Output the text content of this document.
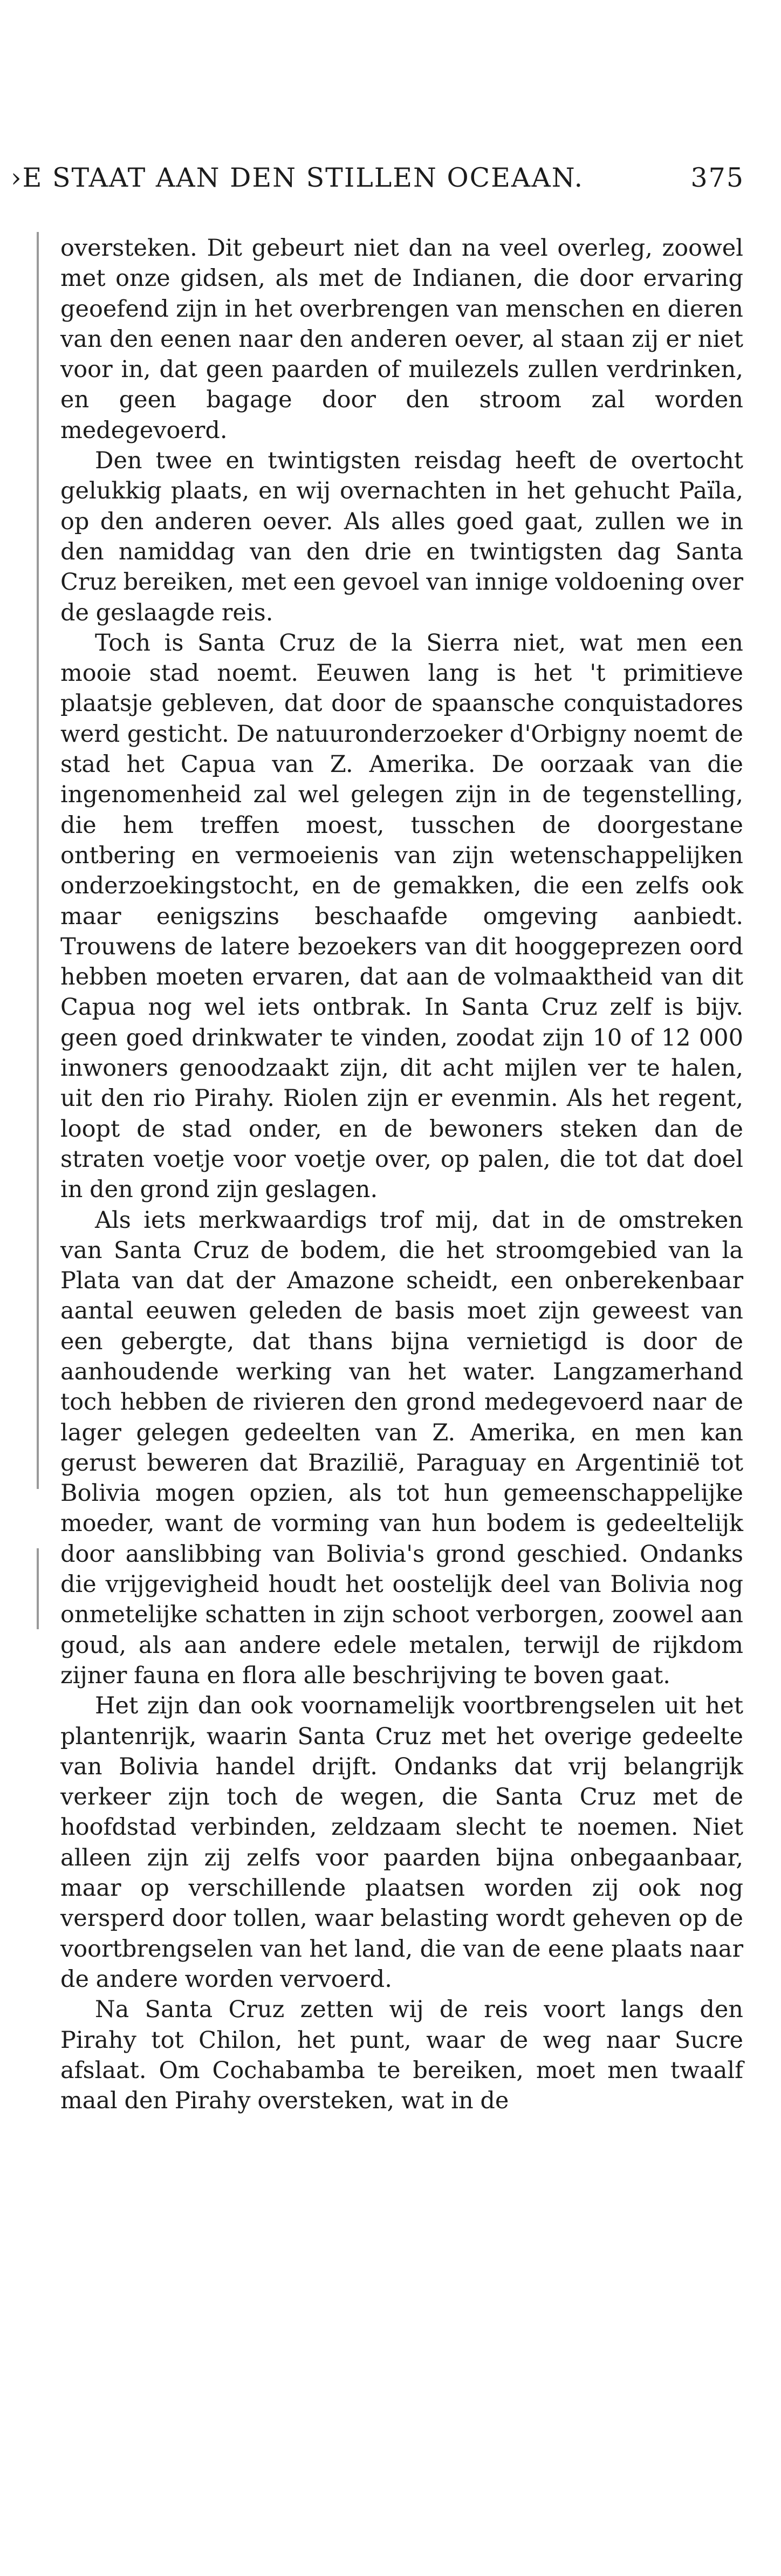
›E STAAT AAN DEN STILLEN OCEAAN.	375

oversteken. Dit gebeurt niet dan na veel overleg, zoowel met onze gidsen, als met de Indianen, die door ervaring geoefend zijn in het overbrengen van menschen en dieren van den eenen naar den anderen oever, al staan zij er niet voor in, dat geen paarden of muilezels zullen verdrinken, en geen bagage door den stroom zal worden medegevoerd.

Den twee en twintigsten reisdag heeft de overtocht gelukkig plaats, en wij overnachten in het gehucht Païla, op den anderen oever. Als alles goed gaat, zullen we in den namiddag van den drie en twintigsten dag Santa Cruz bereiken, met een gevoel van innige voldoening over de geslaagde reis.

Toch is Santa Cruz de la Sierra niet, wat men een mooie stad noemt. Eeuwen lang is het 't primitieve plaatsje gebleven, dat door de spaansche conquistadores werd gesticht. De natuuronderzoeker d'Orbigny noemt de stad het Capua van Z. Amerika. De oorzaak van die ingenomenheid zal wel gelegen zijn in de tegenstelling, die hem treffen moest, tusschen de doorgestane ontbering en vermoeienis van zijn wetenschappelijken onderzoekingstocht, en de gemakken, die een zelfs ook maar eenigszins beschaafde omgeving aanbiedt. Trouwens de latere bezoekers van dit hooggeprezen oord hebben moeten ervaren, dat aan de volmaaktheid van dit Capua nog wel iets ontbrak. In Santa Cruz zelf is bijv. geen goed drinkwater te vinden, zoodat zijn 10 of 12 000 inwoners genoodzaakt zijn, dit acht mijlen ver te halen, uit den rio Pirahy. Riolen zijn er evenmin. Als het regent, loopt de stad onder, en de bewoners steken dan de straten voetje voor voetje over, op palen, die tot dat doel in den grond zijn geslagen.

Als iets merkwaardigs trof mij, dat in de omstreken van Santa Cruz de bodem, die het stroomgebied van la Plata van dat der Amazone scheidt, een onberekenbaar aantal eeuwen geleden de basis moet zijn geweest van een gebergte, dat thans bijna vernietigd is door de aanhoudende werking van het water. Langzamerhand toch hebben de rivieren den grond medegevoerd naar de lager gelegen gedeelten van Z. Amerika, en men kan gerust beweren dat Brazilië, Paraguay en Argentinië tot Bolivia mogen opzien, als tot hun gemeenschappelijke moeder, want de vorming van hun bodem is gedeeltelijk door aanslibbing van Bolivia's grond geschied. Ondanks die vrijgevigheid houdt het oostelijk deel van Bolivia nog onmetelijke schatten in zijn schoot verborgen, zoowel aan goud, als aan andere edele metalen, terwijl de rijkdom zijner fauna en flora alle beschrijving te boven gaat.

Het zijn dan ook voornamelijk voortbrengselen uit het plantenrijk, waarin Santa Cruz met het overige gedeelte van Bolivia handel drijft. Ondanks dat vrij belangrijk verkeer zijn toch de wegen, die Santa Cruz met de hoofdstad verbinden, zeldzaam slecht te noemen. Niet alleen zijn zij zelfs voor paarden bijna onbegaanbaar, maar op verschillende plaatsen worden zij ook nog versperd door tollen, waar belasting wordt geheven op de voortbrengselen van het land, die van de eene plaats naar de andere worden vervoerd.

Na Santa Cruz zetten wij de reis voort langs den Pirahy tot Chilon, het punt, waar de weg naar Sucre afslaat. Om Cochabamba te bereiken, moet men twaalf maal den Pirahy oversteken, wat in de
